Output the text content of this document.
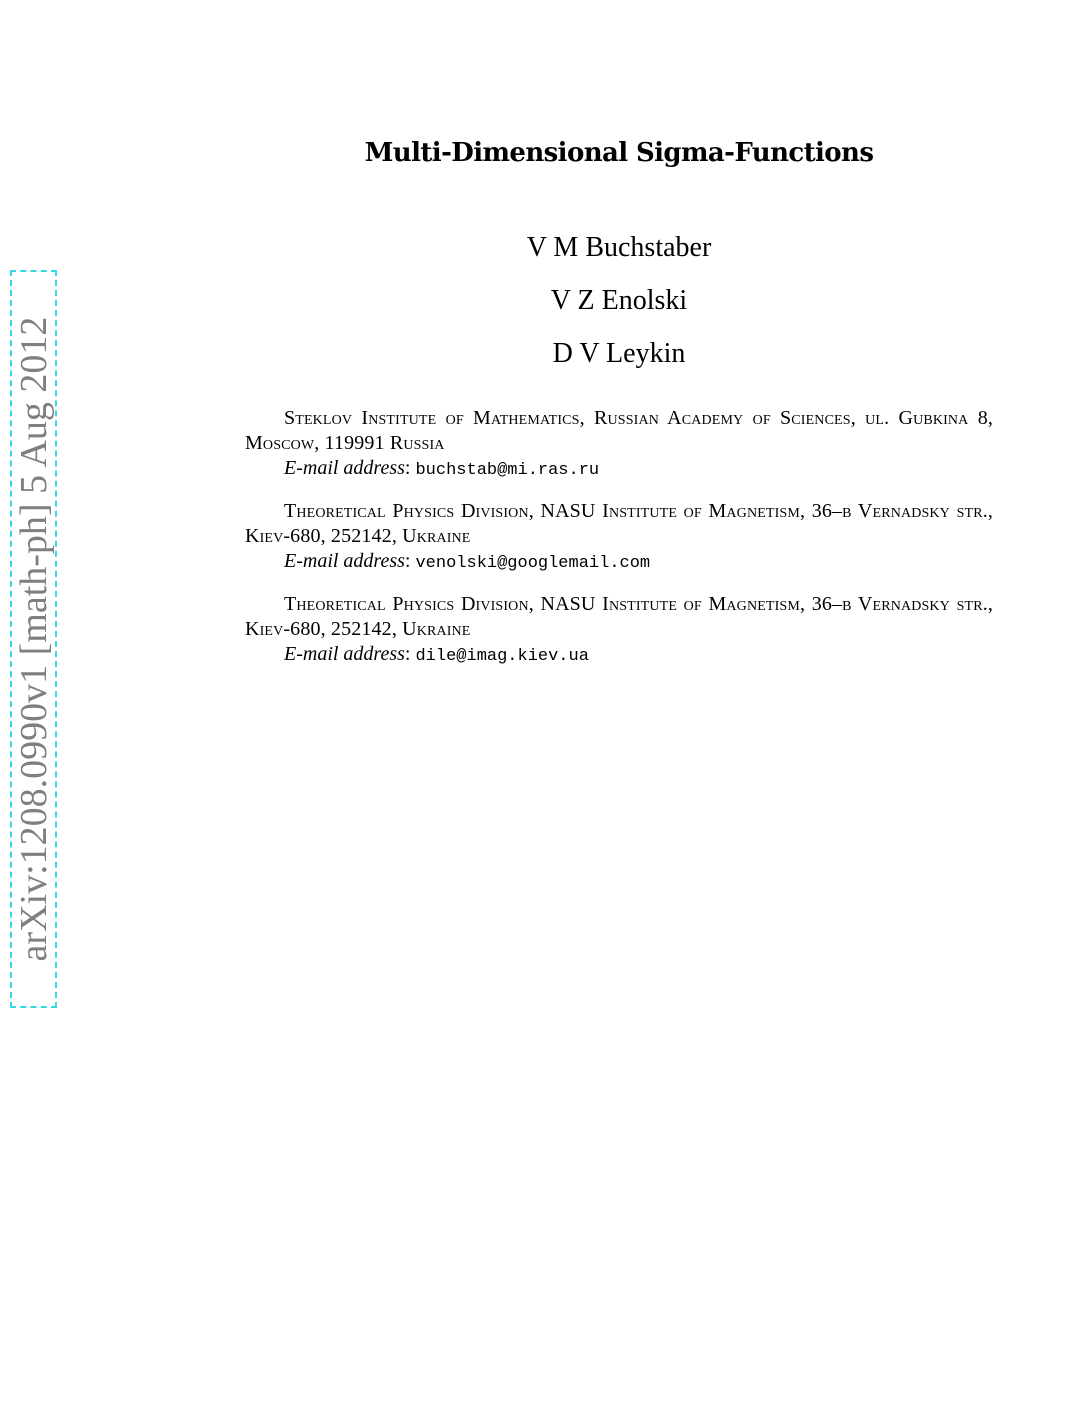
arXiv:1208.0990v1 [math-ph] 5 Aug 2012
Multi-Dimensional Sigma-Functions
V M Buchstaber
V Z Enolski
D V Leykin
Steklov Institute of Mathematics, Russian Academy of Sciences, ul. Gubkina 8, Moscow, 119991 Russia
E-mail address: buchstab@mi.ras.ru
Theoretical Physics Division, NASU Institute of Magnetism, 36–b Vernadsky str., Kiev-680, 252142, Ukraine
E-mail address: venolski@googlemail.com
Theoretical Physics Division, NASU Institute of Magnetism, 36–b Vernadsky str., Kiev-680, 252142, Ukraine
E-mail address: dile@imag.kiev.ua
